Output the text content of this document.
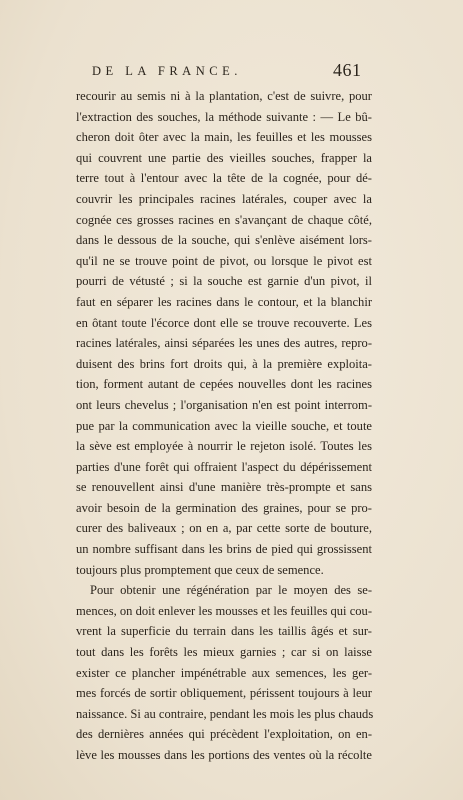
DE LA FRANCE.	461
recourir au semis ni à la plantation, c'est de suivre, pour
l'extraction des souches, la méthode suivante : — Le bû-
cheron doit ôter avec la main, les feuilles et les mousses
qui couvrent une partie des vieilles souches, frapper la
terre tout à l'entour avec la tête de la cognée, pour dé-
couvrir les principales racines latérales, couper avec la
cognée ces grosses racines en s'avançant de chaque côté,
dans le dessous de la souche, qui s'enlève aisément lors-
qu'il ne se trouve point de pivot, ou lorsque le pivot est
pourri de vétusté ; si la souche est garnie d'un pivot, il
faut en séparer les racines dans le contour, et la blanchir
en ôtant toute l'écorce dont elle se trouve recouverte. Les
racines latérales, ainsi séparées les unes des autres, repro-
duisent des brins fort droits qui, à la première exploita-
tion, forment autant de cepées nouvelles dont les racines
ont leurs chevelus ; l'organisation n'en est point interrom-
pue par la communication avec la vieille souche, et toute
la sève est employée à nourrir le rejeton isolé. Toutes les
parties d'une forêt qui offraient l'aspect du dépérissement
se renouvellent ainsi d'une manière très-prompte et sans
avoir besoin de la germination des graines, pour se pro-
curer des baliveaux ; on en a, par cette sorte de bouture,
un nombre suffisant dans les brins de pied qui grossissent
toujours plus promptement que ceux de semence.
Pour obtenir une régénération par le moyen des se-
mences, on doit enlever les mousses et les feuilles qui cou-
vrent la superficie du terrain dans les taillis âgés et sur-
tout dans les forêts les mieux garnies ; car si on laisse
exister ce plancher impénétrable aux semences, les ger-
mes forcés de sortir obliquement, périssent toujours à leur
naissance. Si au contraire, pendant les mois les plus chauds
des dernières années qui précèdent l'exploitation, on en-
lève les mousses dans les portions des ventes où la récolte
